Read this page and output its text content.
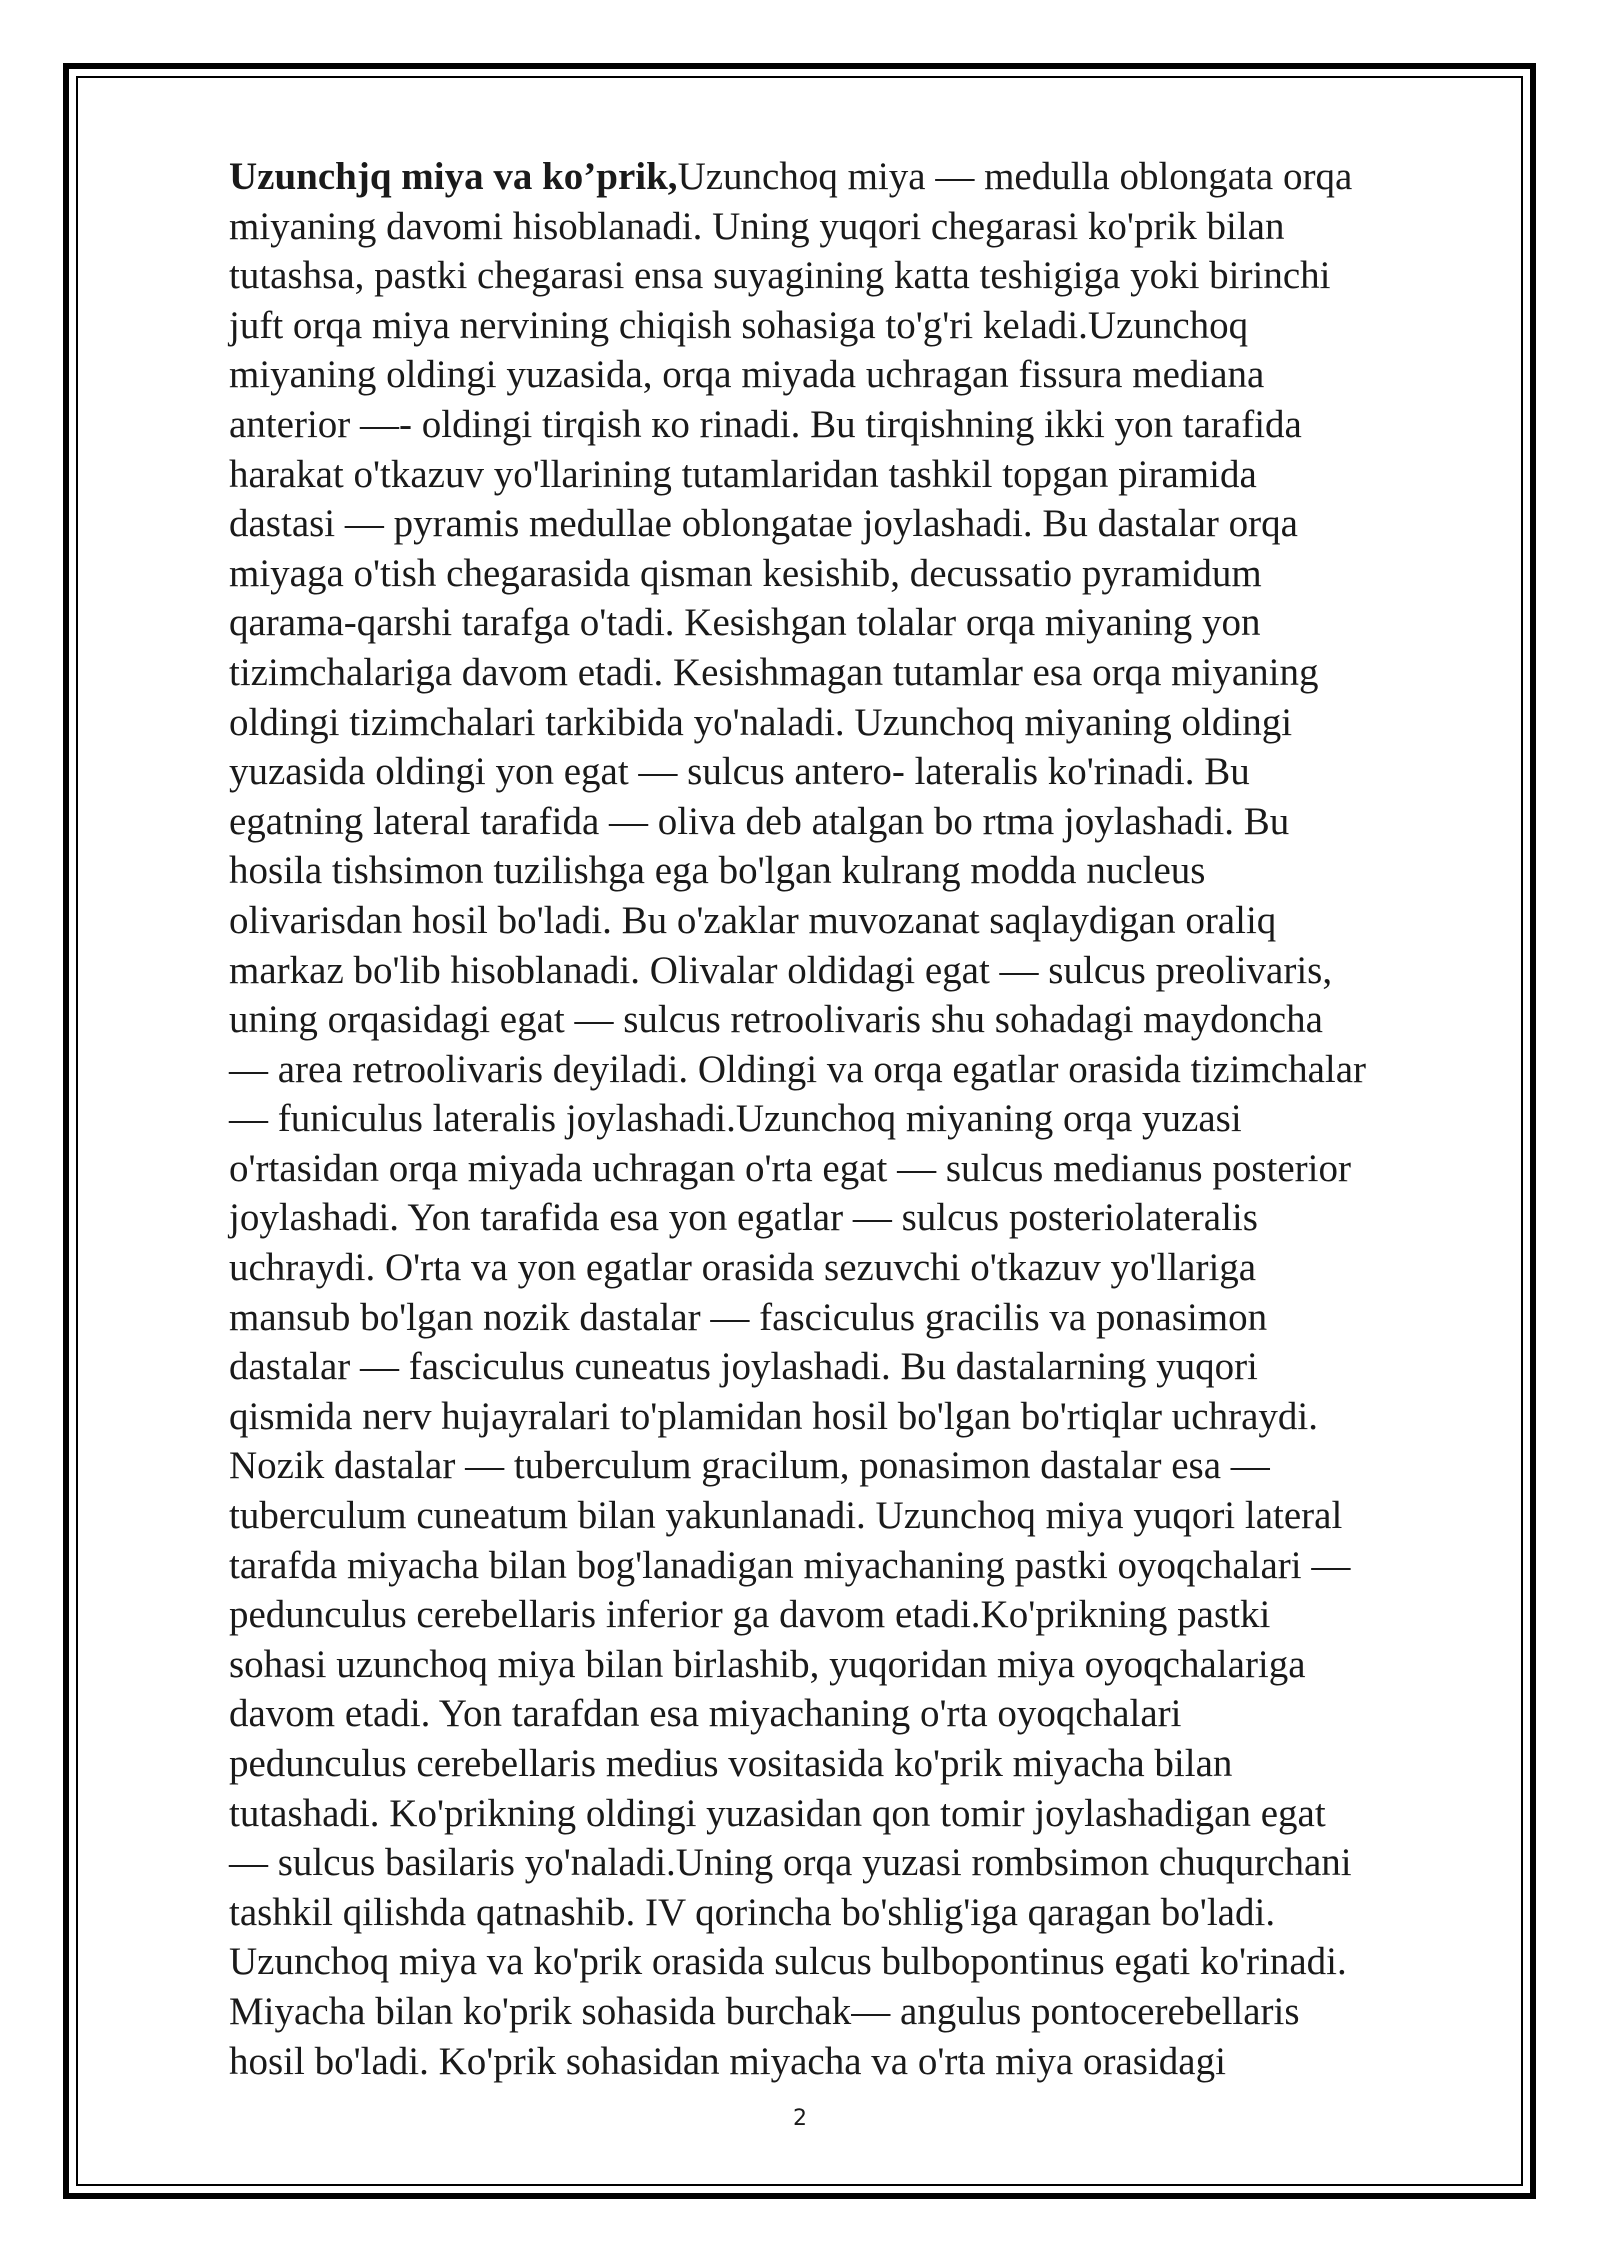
Uzunchjq miya va ko’prik,Uzunchoq miya — medulla oblongata orqa
miyaning davomi hisoblanadi. Uning yuqori chegarasi ko'prik bilan
tutashsa, pastki chegarasi ensa suyagining katta teshigiga yoki birinchi
juft orqa miya nervining chiqish sohasiga to'g'ri keladi.Uzunchoq
miyaning oldingi yuzasida, orqa miyada uchragan fissura mediana
anterior —- oldingi tirqish кo rinadi. Bu tirqishning ikki yon tarafida
harakat o'tkazuv yo'llarining tutamlaridan tashkil topgan piramida
dastasi — pyramis medullae oblongatae joylashadi. Bu dastalar orqa
miyaga o'tish chegarasida qisman kesishib, decussatio pyramidum
qarama-qarshi tarafga o'tadi. Kesishgan tolalar orqa miyaning yon
tizimchalariga davom etadi. Kesishmagan tutamlar esa orqa miyaning
oldingi tizimchalari tarkibida yo'naladi. Uzunchoq miyaning oldingi
yuzasida oldingi yon egat — sulcus antero- lateralis ko'rinadi. Bu
egatning lateral tarafida — oliva deb atalgan bo rtma joylashadi. Bu
hosila tishsimon tuzilishga ega bo'lgan kulrang modda nucleus
olivarisdan hosil bo'ladi. Bu o'zaklar muvozanat saqlaydigan oraliq
markaz bo'lib hisoblanadi. Olivalar oldidagi egat — sulcus preolivaris,
uning orqasidagi egat — sulcus retroolivaris shu sohadagi maydoncha
— area retroolivaris deyiladi. Oldingi va orqa egatlar orasida tizimchalar
— funiculus lateralis joylashadi.Uzunchoq miyaning orqa yuzasi
o'rtasidan orqa miyada uchragan o'rta egat — sulcus medianus posterior
joylashadi. Yon tarafida esa yon egatlar — sulcus posteriolateralis
uchraydi. O'rta va yon egatlar orasida sezuvchi o'tkazuv yo'llariga
mansub bo'lgan nozik dastalar — fasciculus gracilis va ponasimon
dastalar — fasciculus cuneatus joylashadi. Bu dastalarning yuqori
qismida nerv hujayralari to'plamidan hosil bo'lgan bo'rtiqlar uchraydi.
Nozik dastalar — tuberculum gracilum, ponasimon dastalar esa —
tuberculum cuneatum bilan yakunlanadi. Uzunchoq miya yuqori lateral
tarafda miyacha bilan bog'lanadigan miyachaning pastki oyoqchalari —
pedunculus cerebellaris inferior ga davom etadi.Ko'prikning pastki
sohasi uzunchoq miya bilan birlashib, yuqoridan miya oyoqchalariga
davom etadi. Yon tarafdan esa miyachaning o'rta oyoqchalari
pedunculus cerebellaris medius vositasida ko'prik miyacha bilan
tutashadi. Ko'prikning oldingi yuzasidan qon tomir joylashadigan egat
— sulcus basilaris yo'naladi.Uning orqa yuzasi rombsimon chuqurchani
tashkil qilishda qatnashib. IV qorincha bo'shlig'iga qaragan bo'ladi.
Uzunchoq miya va ko'prik orasida sulcus bulbopontinus egati ko'rinadi.
Miyacha bilan ko'prik sohasida burchak— angulus pontocerebellaris
hosil bo'ladi. Ko'prik sohasidan miyacha va o'rta miya orasidagi

2
